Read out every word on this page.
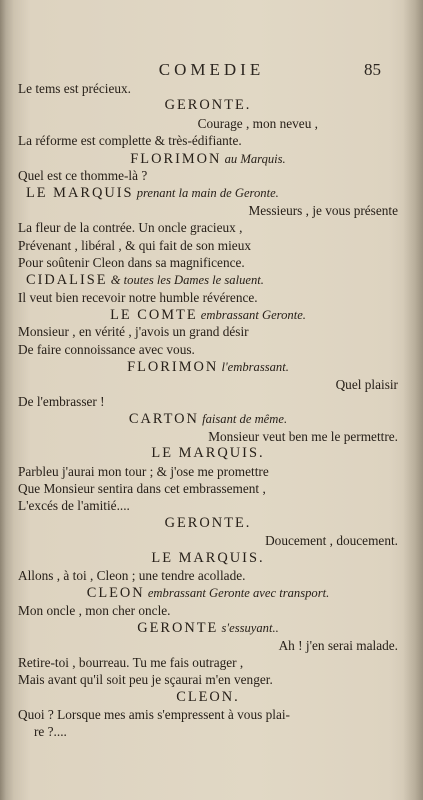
COMEDIE	85
Le tems est précieux.
GERONTE.
Courage , mon neveu ,
La réforme est complette & très-édifiante.
FLORIMON au Marquis.
Quel est ce thomme-là ?
LE MARQUIS prenant la main de Geronte.
Messieurs , je vous présente
La fleur de la contrée. Un oncle gracieux ,
Prévenant , libéral , & qui fait de son mieux
Pour soûtenir Cleon dans sa magnificence.
CIDALISE & toutes les Dames le saluent.
Il veut bien recevoir notre humble révérence.
LE COMTE embrassant Geronte.
Monsieur , en vérité , j'avois un grand désir
De faire connoissance avec vous.
FLORIMON l'embrassant.
Quel plaisir
De l'embrasser !
CARTON faisant de même.
Monsieur veut ben me le permettre.
LE MARQUIS.
Parbleu j'aurai mon tour ; & j'ose me promettre
Que Monsieur sentira dans cet embrassement ,
L'excés de l'amitié....
GERONTE.
Doucement , doucement.
LE MARQUIS.
Allons , à toi , Cleon ; une tendre acollade.
CLEON embrassant Geronte avec transport.
Mon oncle , mon cher oncle.
GERONTE s'essuyant..
Ah ! j'en serai malade.
Retire-toi , bourreau. Tu me fais outrager ,
Mais avant qu'il soit peu je sçaurai m'en venger.
CLEON.
Quoi ? Lorsque mes amis s'empressent à vous plai-
re ?....
